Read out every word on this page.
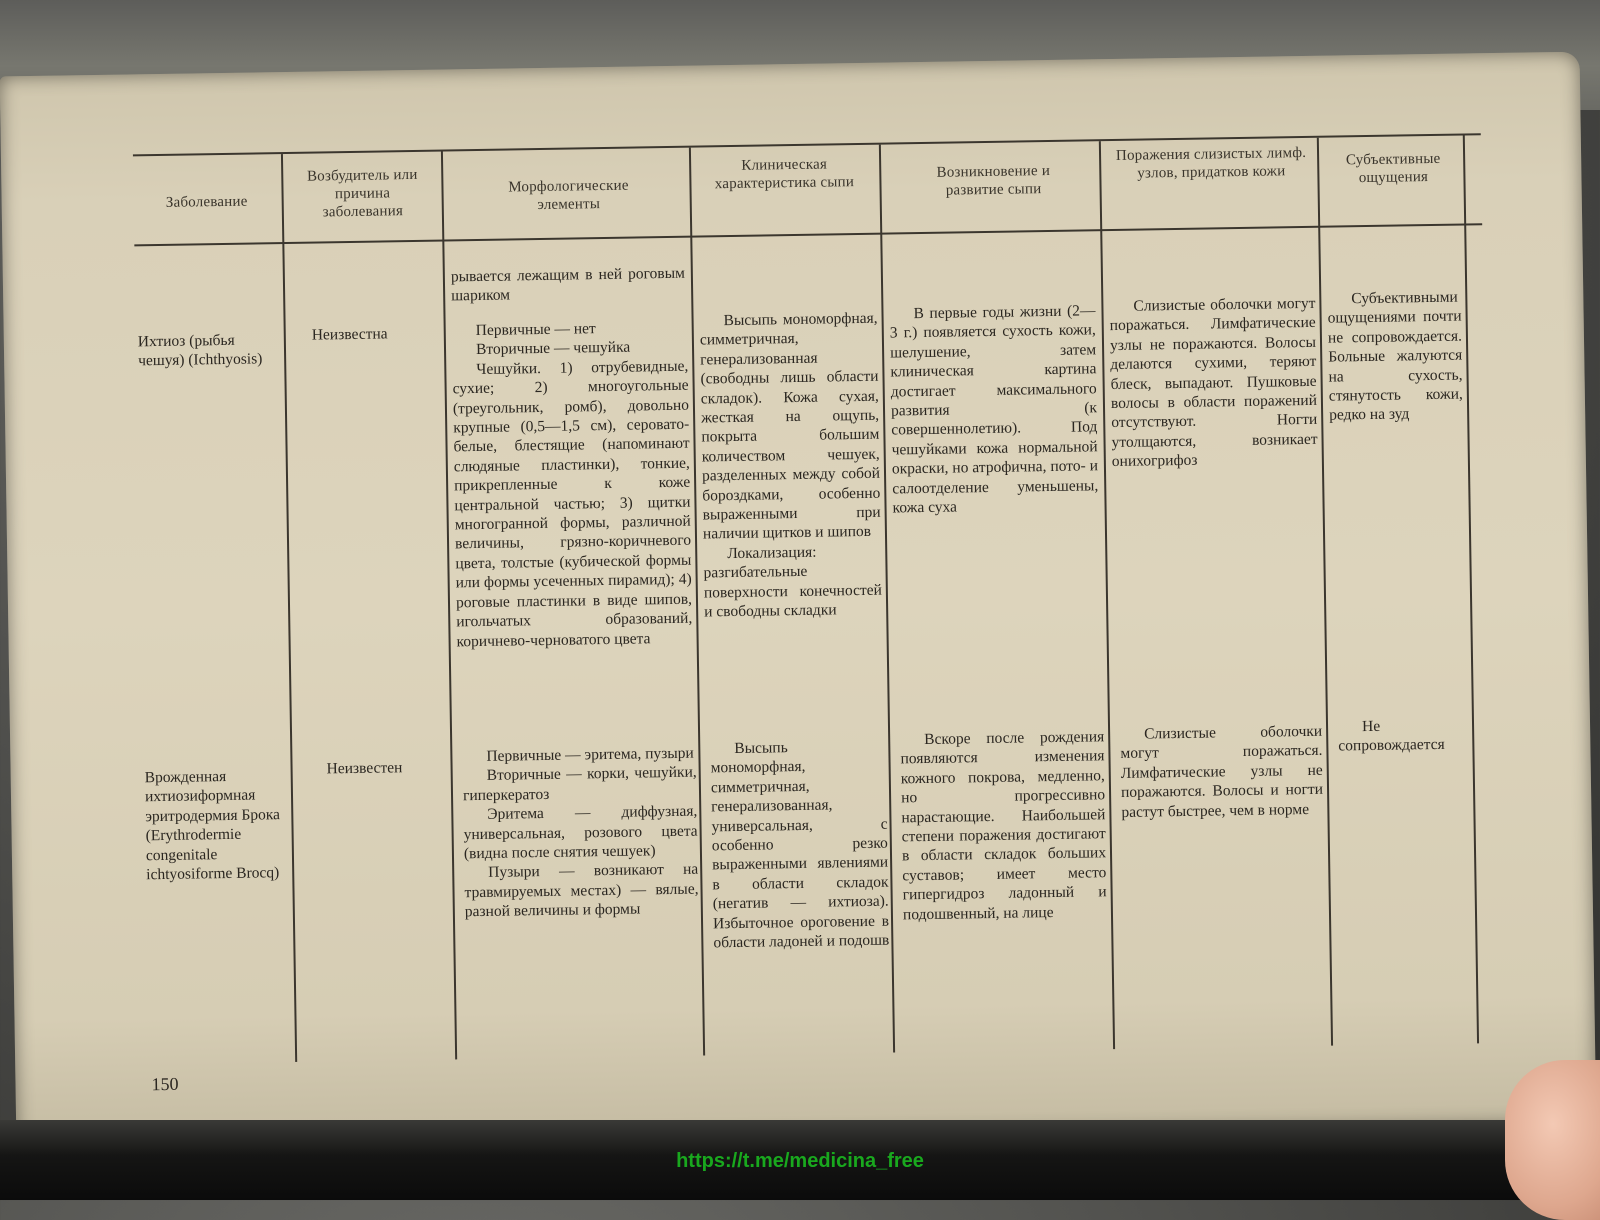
Заболевание
Возбудитель или причина заболевания
Морфологические элементы
Клиническая характеристика сыпи
Возникновение и развитие сыпи
Поражения слизистых лимф. узлов, придатков кожи
Субъективные ощущения
рывается лежащим в ней роговым шариком
Ихтиоз (рыбья чешуя) (Ichthyosis)
Неизвестна	Первичные — нет

Вторичные — чешуйка

Чешуйки. 1) отрубевидные, сухие; 2) многоугольные (треугольник, ромб), довольно крупные (0,5—1,5 см), серовато-белые, блестящие (напоминают слюдяные пластинки), тонкие, прикрепленные к коже центральной частью; 3) щитки многогранной формы, различной величины, грязно-коричневого цвета, толстые (кубической формы или формы усеченных пирамид); 4) роговые пластинки в виде шипов, игольчатых образований, коричнево-черноватого цвета

Высыпь мономорфная, симметричная, генерализованная (свободны лишь области складок). Кожа сухая, жесткая на ощупь, покрыта большим количеством чешуек, разделенных между собой бороздками, особенно выраженными при наличии щитков и шипов

Локализация: разгибательные поверхности конечностей и свободны складки

В первые годы жизни (2—3 г.) появляется сухость кожи, шелушение, затем клиническая картина достигает максимального развития (к совершеннолетию). Под чешуйками кожа нормальной окраски, но атрофична, пото- и салоотделение уменьшены, кожа суха

Слизистые оболочки могут поражаться. Лимфатические узлы не поражаются. Волосы делаются сухими, теряют блеск, выпадают. Пушковые волосы в области поражений отсутствуют. Ногти утолщаются, возникает онихогрифоз

Субъективными ощущениями почти не сопровождается. Больные жалуются на сухость, стянутость кожи, редко на зуд

Врожденная ихтиозиформная эритродермия Брока (Erythrodermie congenitale ichtyosiforme Brocq)
Неизвестен

Первичные — эритема, пузыри

Вторичные — корки, чешуйки, гиперкератоз

Эритема — диффузная, универсальная, розового цвета (видна после снятия чешуек)

Пузыри — возникают на травмируемых местах) — вялые, разной величины и формы

Высыпь мономорфная, симметричная, генерализованная, универсальная, с особенно резко выраженными явлениями в области складок (негатив — ихтиоза). Избыточное ороговение в области ладоней и подошв

Вскоре после рождения появляются изменения кожного покрова, медленно, но прогрессивно нарастающие. Наибольшей степени поражения достигают в области складок больших суставов; имеет место гипергидроз ладонный и подошвенный, на лице

Слизистые оболочки могут поражаться. Лимфатические узлы не поражаются. Волосы и ногти растут быстрее, чем в норме

Не сопровождается

150
https://t.me/medicina_free
